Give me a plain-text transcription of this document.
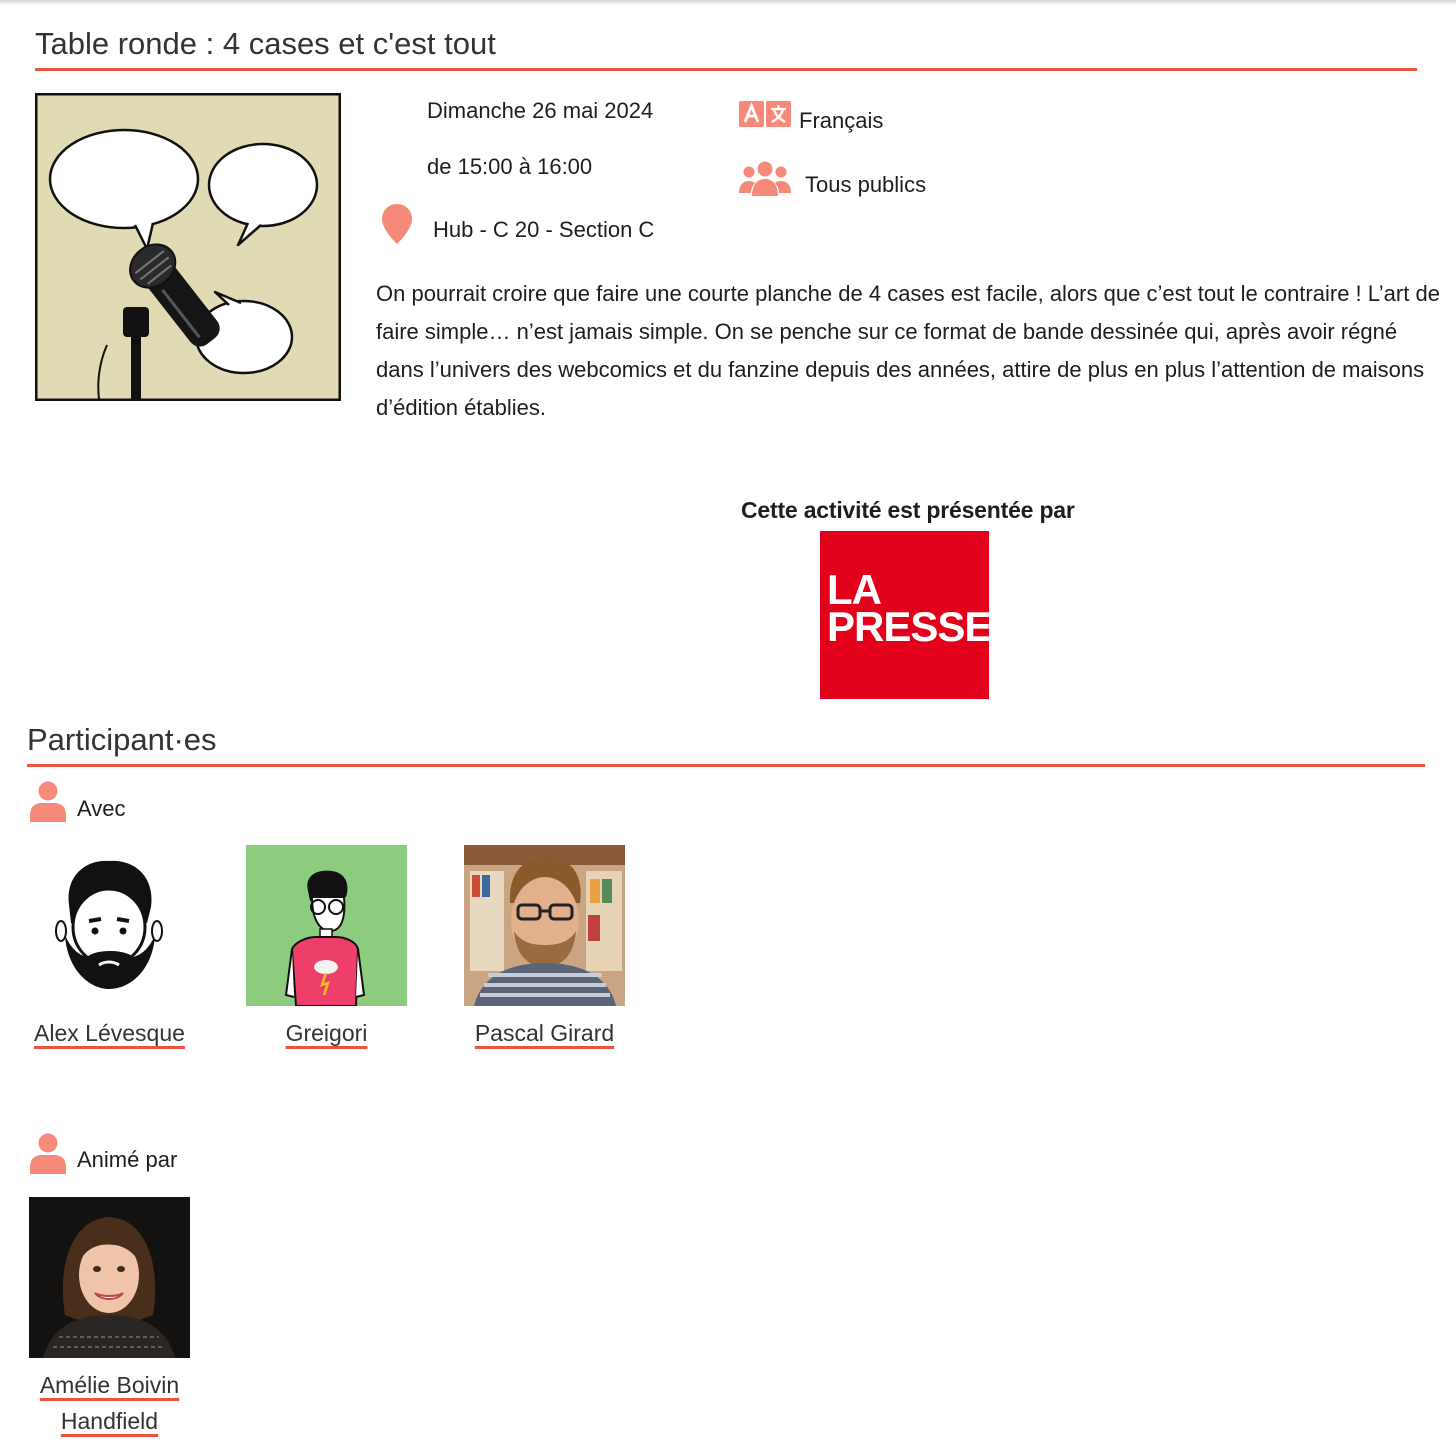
Table ronde : 4 cases et c'est tout
Dimanche 26 mai 2024
de 15:00 à 16:00
Hub - C 20 - Section C
Français
Tous publics
On pourrait croire que faire une courte planche de 4 cases est facile, alors que c’est tout le contraire ! L’art de faire simple… n’est jamais simple. On se penche sur ce format de bande dessinée qui, après avoir régné dans l’univers des webcomics et du fanzine depuis des années, attire de plus en plus l’attention de maisons d’édition établies.
Cette activité est présentée par
LA
PRESSE
Participant·es
Avec
Alex Lévesque	Greigori	Pascal Girard
Animé par
Amélie Boivin
Handfield
